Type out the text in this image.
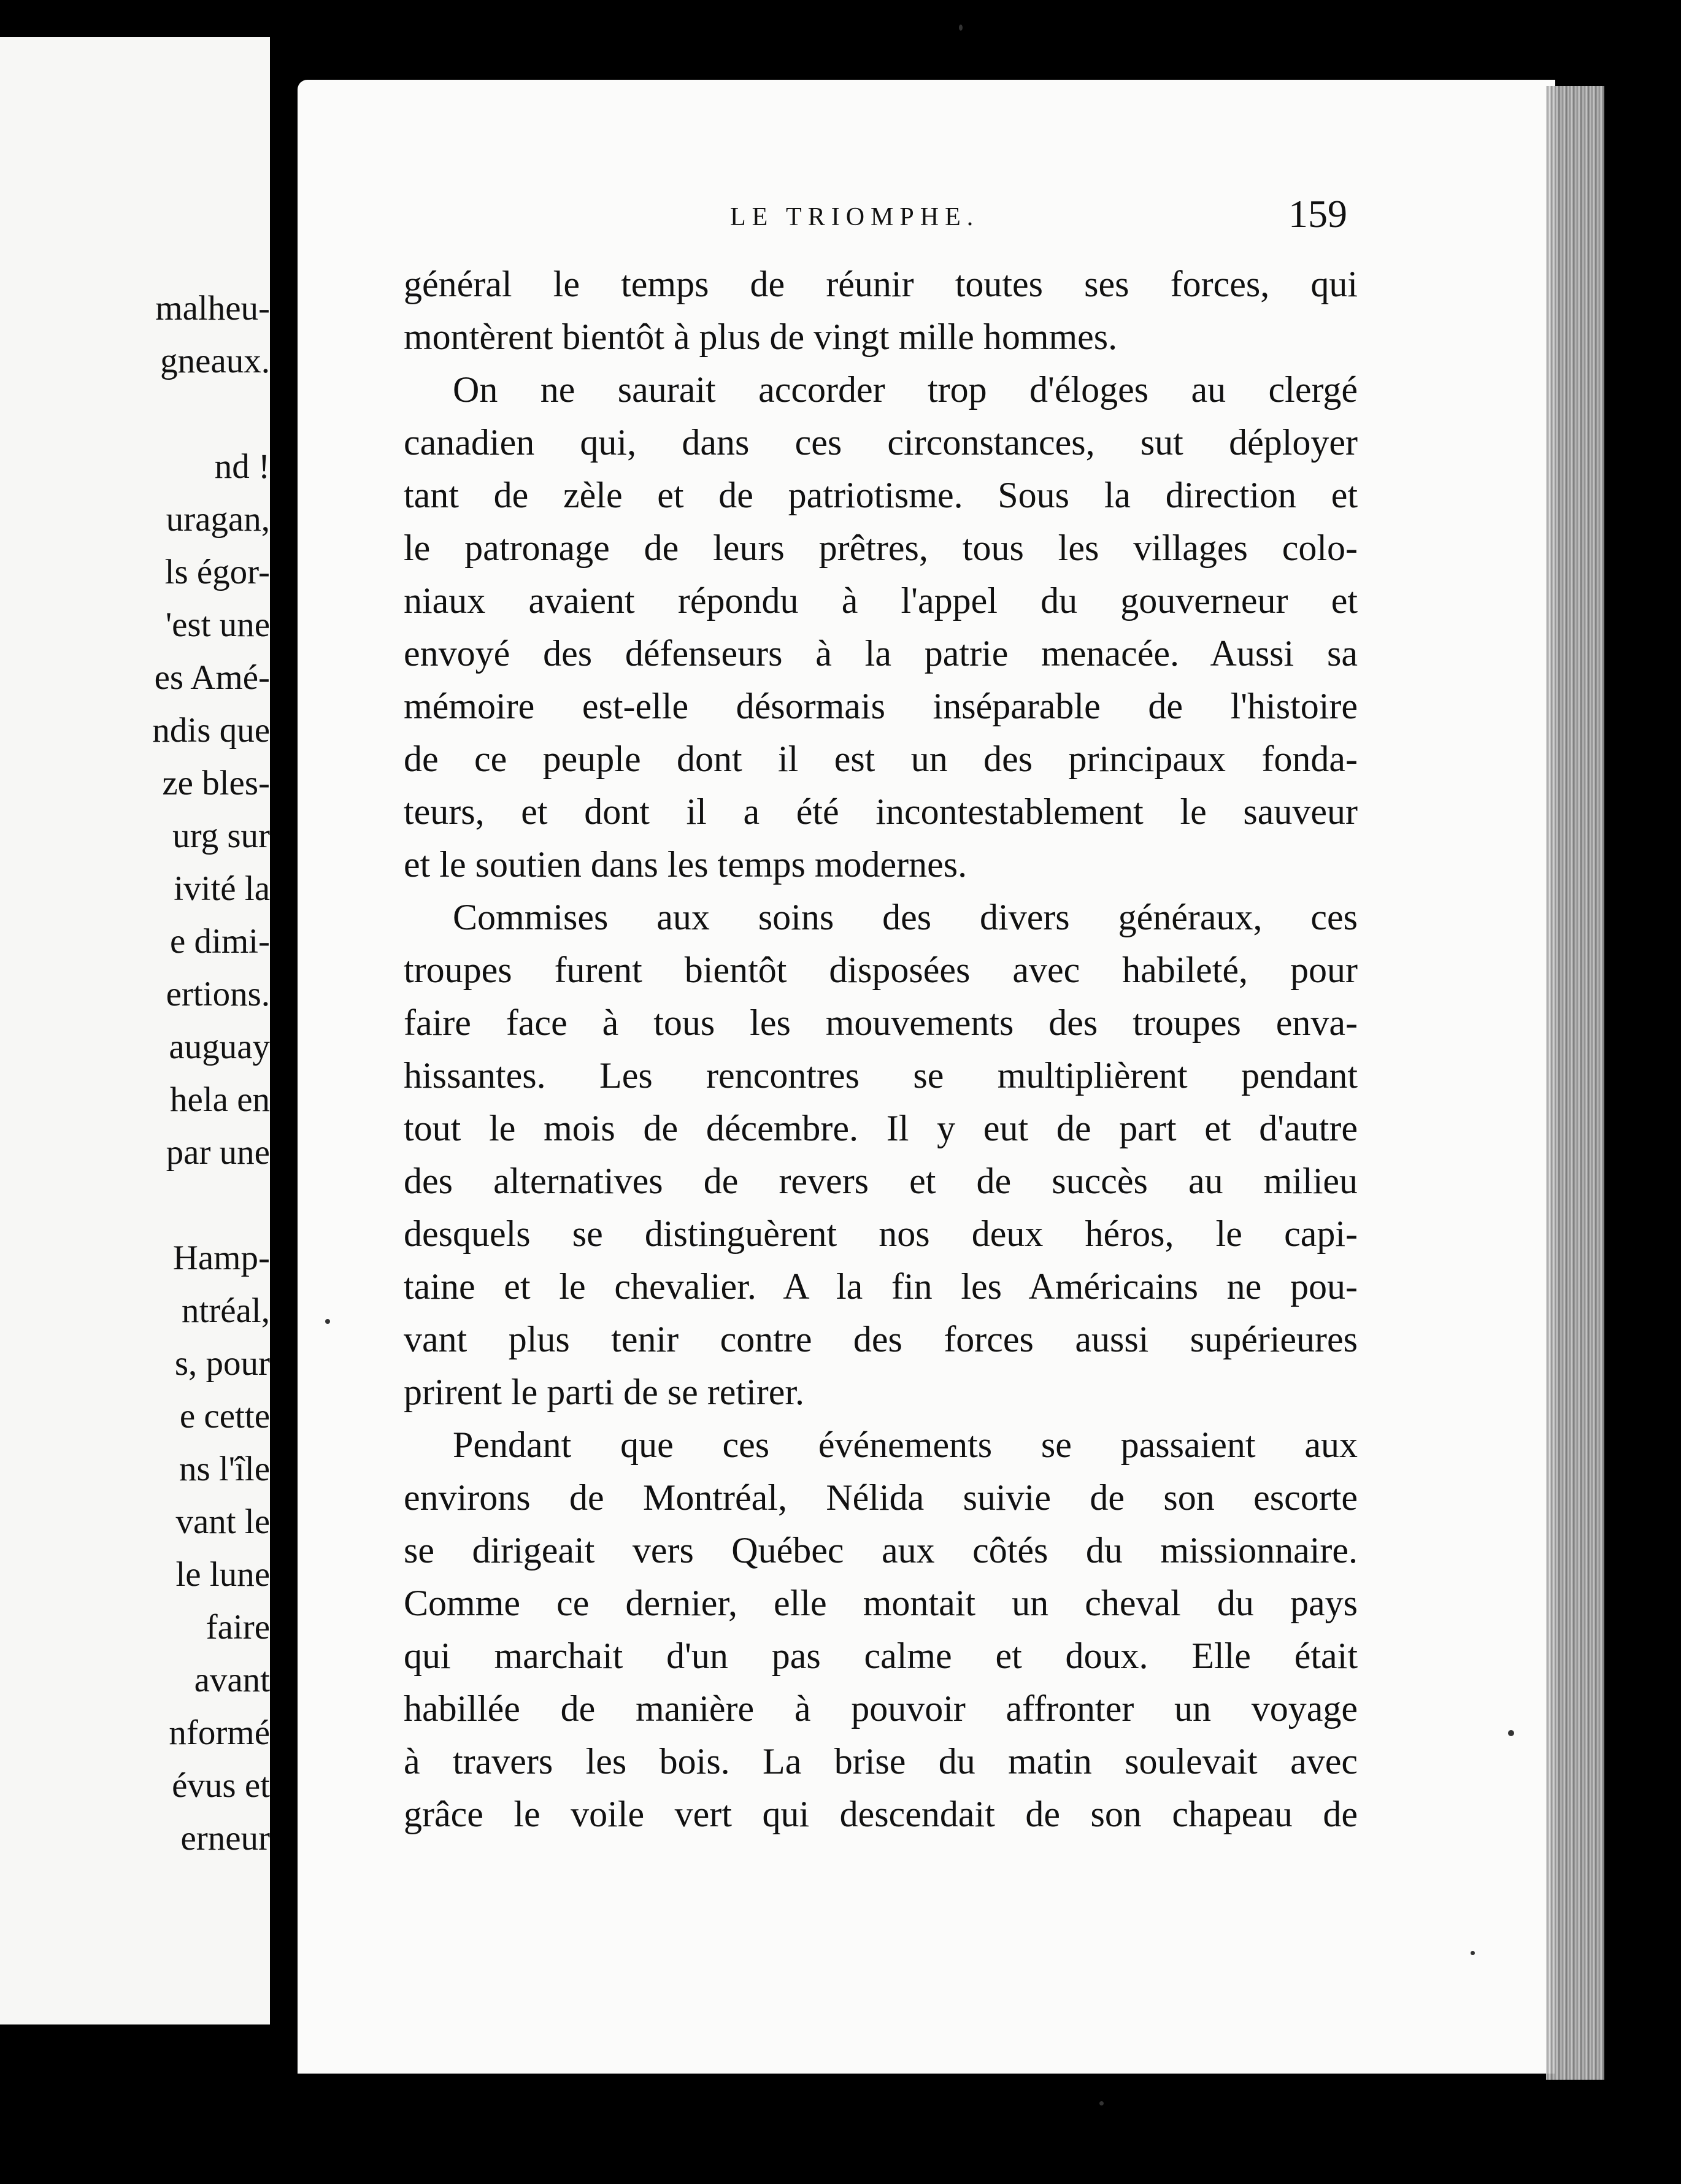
malheu-
gneaux.
nd !
uragan,
ls égor-
'est une
es Amé-
ndis que
ze bles-
urg sur
ivité la
e dimi-
ertions.
auguay
hela en
par une
Hamp-
ntréal,
s, pour
e cette
ns l'île
vant le
le lune
faire
avant
nformé
évus et
erneur
LE TRIOMPHE.	159
général le temps de réunir toutes ses forces, qui
montèrent bientôt à plus de vingt mille hommes.
On ne saurait accorder trop d'éloges au clergé
canadien qui, dans ces circonstances, sut déployer
tant de zèle et de patriotisme. Sous la direction et
le patronage de leurs prêtres, tous les villages colo-
niaux avaient répondu à l'appel du gouverneur et
envoyé des défenseurs à la patrie menacée. Aussi sa
mémoire est-elle désormais inséparable de l'histoire
de ce peuple dont il est un des principaux fonda-
teurs, et dont il a été incontestablement le sauveur
et le soutien dans les temps modernes.
Commises aux soins des divers généraux, ces
troupes furent bientôt disposées avec habileté, pour
faire face à tous les mouvements des troupes enva-
hissantes. Les rencontres se multiplièrent pendant
tout le mois de décembre. Il y eut de part et d'autre
des alternatives de revers et de succès au milieu
desquels se distinguèrent nos deux héros, le capi-
taine et le chevalier. A la fin les Américains ne pou-
vant plus tenir contre des forces aussi supérieures
prirent le parti de se retirer.
Pendant que ces événements se passaient aux
environs de Montréal, Nélida suivie de son escorte
se dirigeait vers Québec aux côtés du missionnaire.
Comme ce dernier, elle montait un cheval du pays
qui marchait d'un pas calme et doux. Elle était
habillée de manière à pouvoir affronter un voyage
à travers les bois. La brise du matin soulevait avec
grâce le voile vert qui descendait de son chapeau de
